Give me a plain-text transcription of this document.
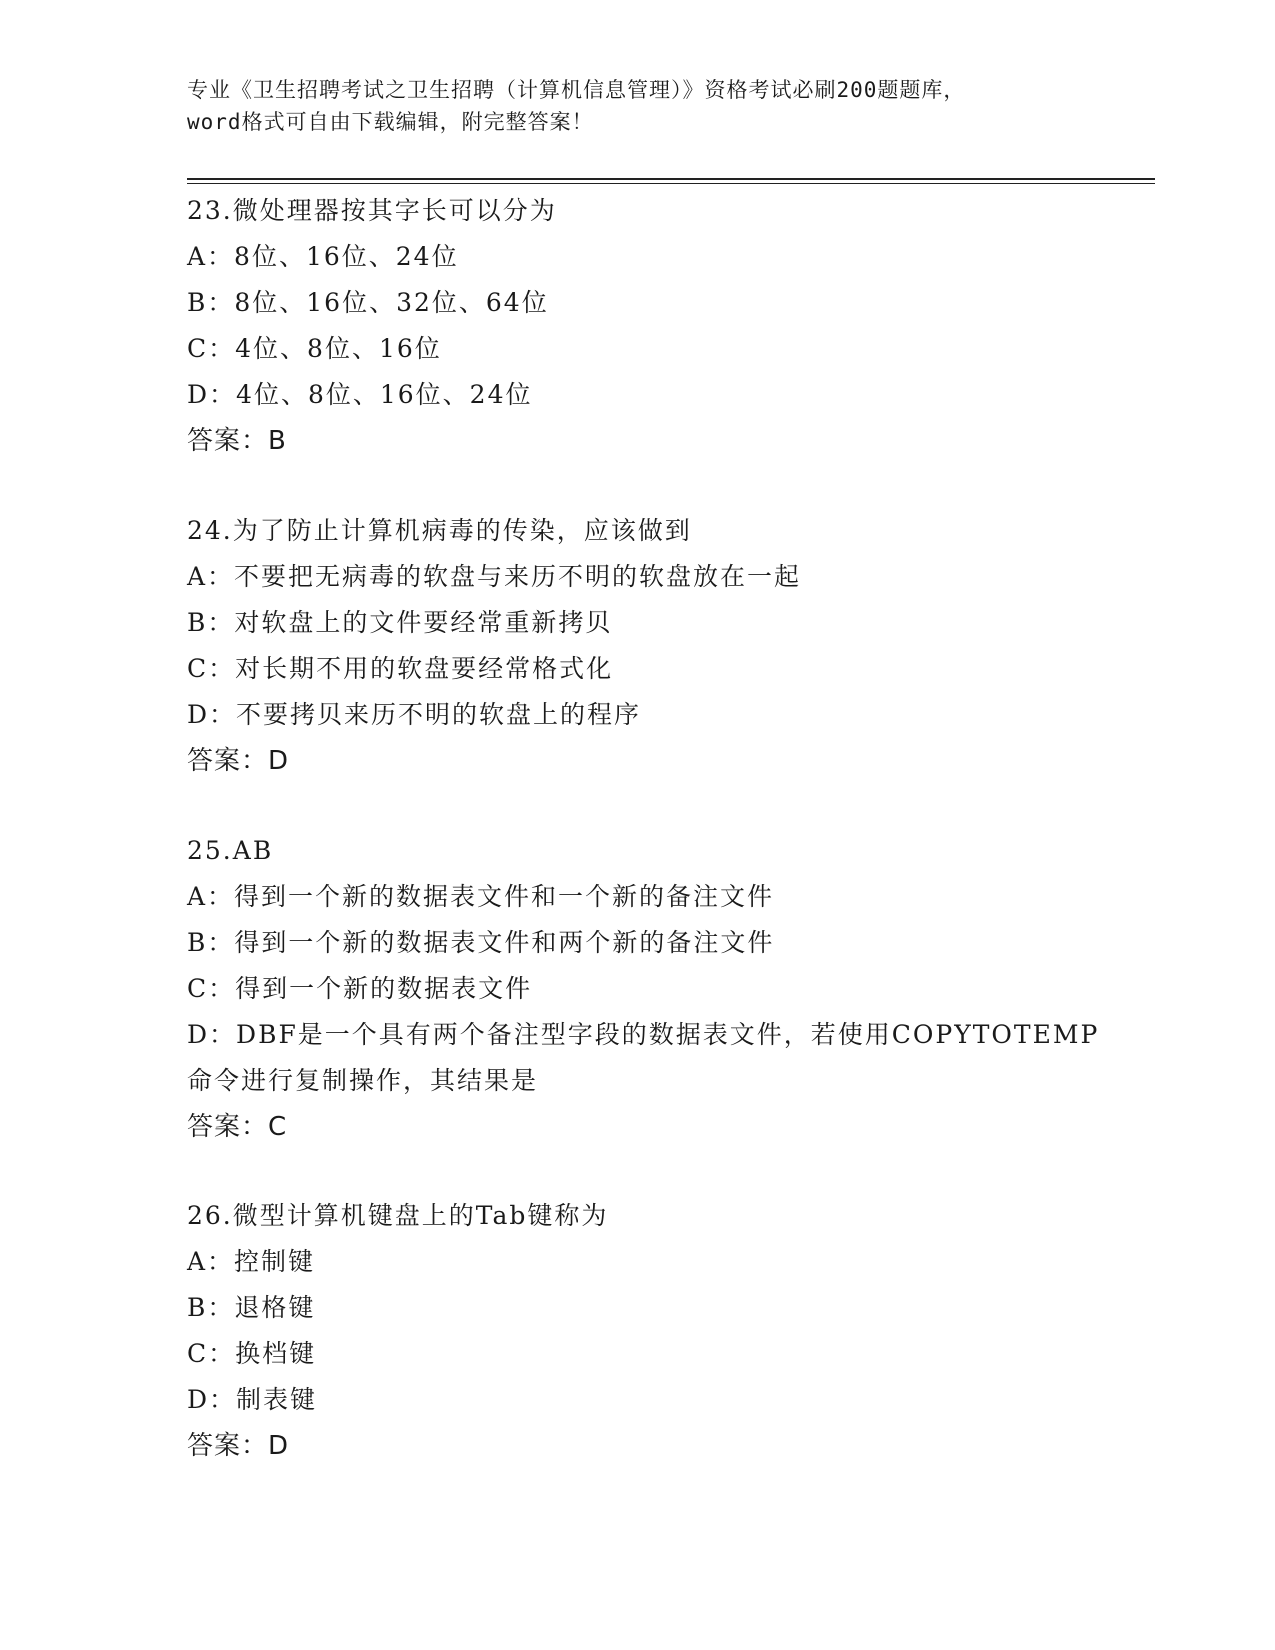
专业《卫生招聘考试之卫生招聘（计算机信息管理）》资格考试必刷200题题库，
word格式可自由下载编辑，附完整答案！
23.微处理器按其字长可以分为
A：8位、16位、24位
B：8位、16位、32位、64位
C：4位、8位、16位
D：4位、8位、16位、24位
答案：B
24.为了防止计算机病毒的传染，应该做到
A：不要把无病毒的软盘与来历不明的软盘放在一起
B：对软盘上的文件要经常重新拷贝
C：对长期不用的软盘要经常格式化
D：不要拷贝来历不明的软盘上的程序
答案：D
25.AB
A：得到一个新的数据表文件和一个新的备注文件
B：得到一个新的数据表文件和两个新的备注文件
C：得到一个新的数据表文件
D：DBF是一个具有两个备注型字段的数据表文件，若使用COPYTOTEMP
命令进行复制操作，其结果是
答案：C
26.微型计算机键盘上的Tab键称为
A：控制键
B：退格键
C：换档键
D：制表键
答案：D
